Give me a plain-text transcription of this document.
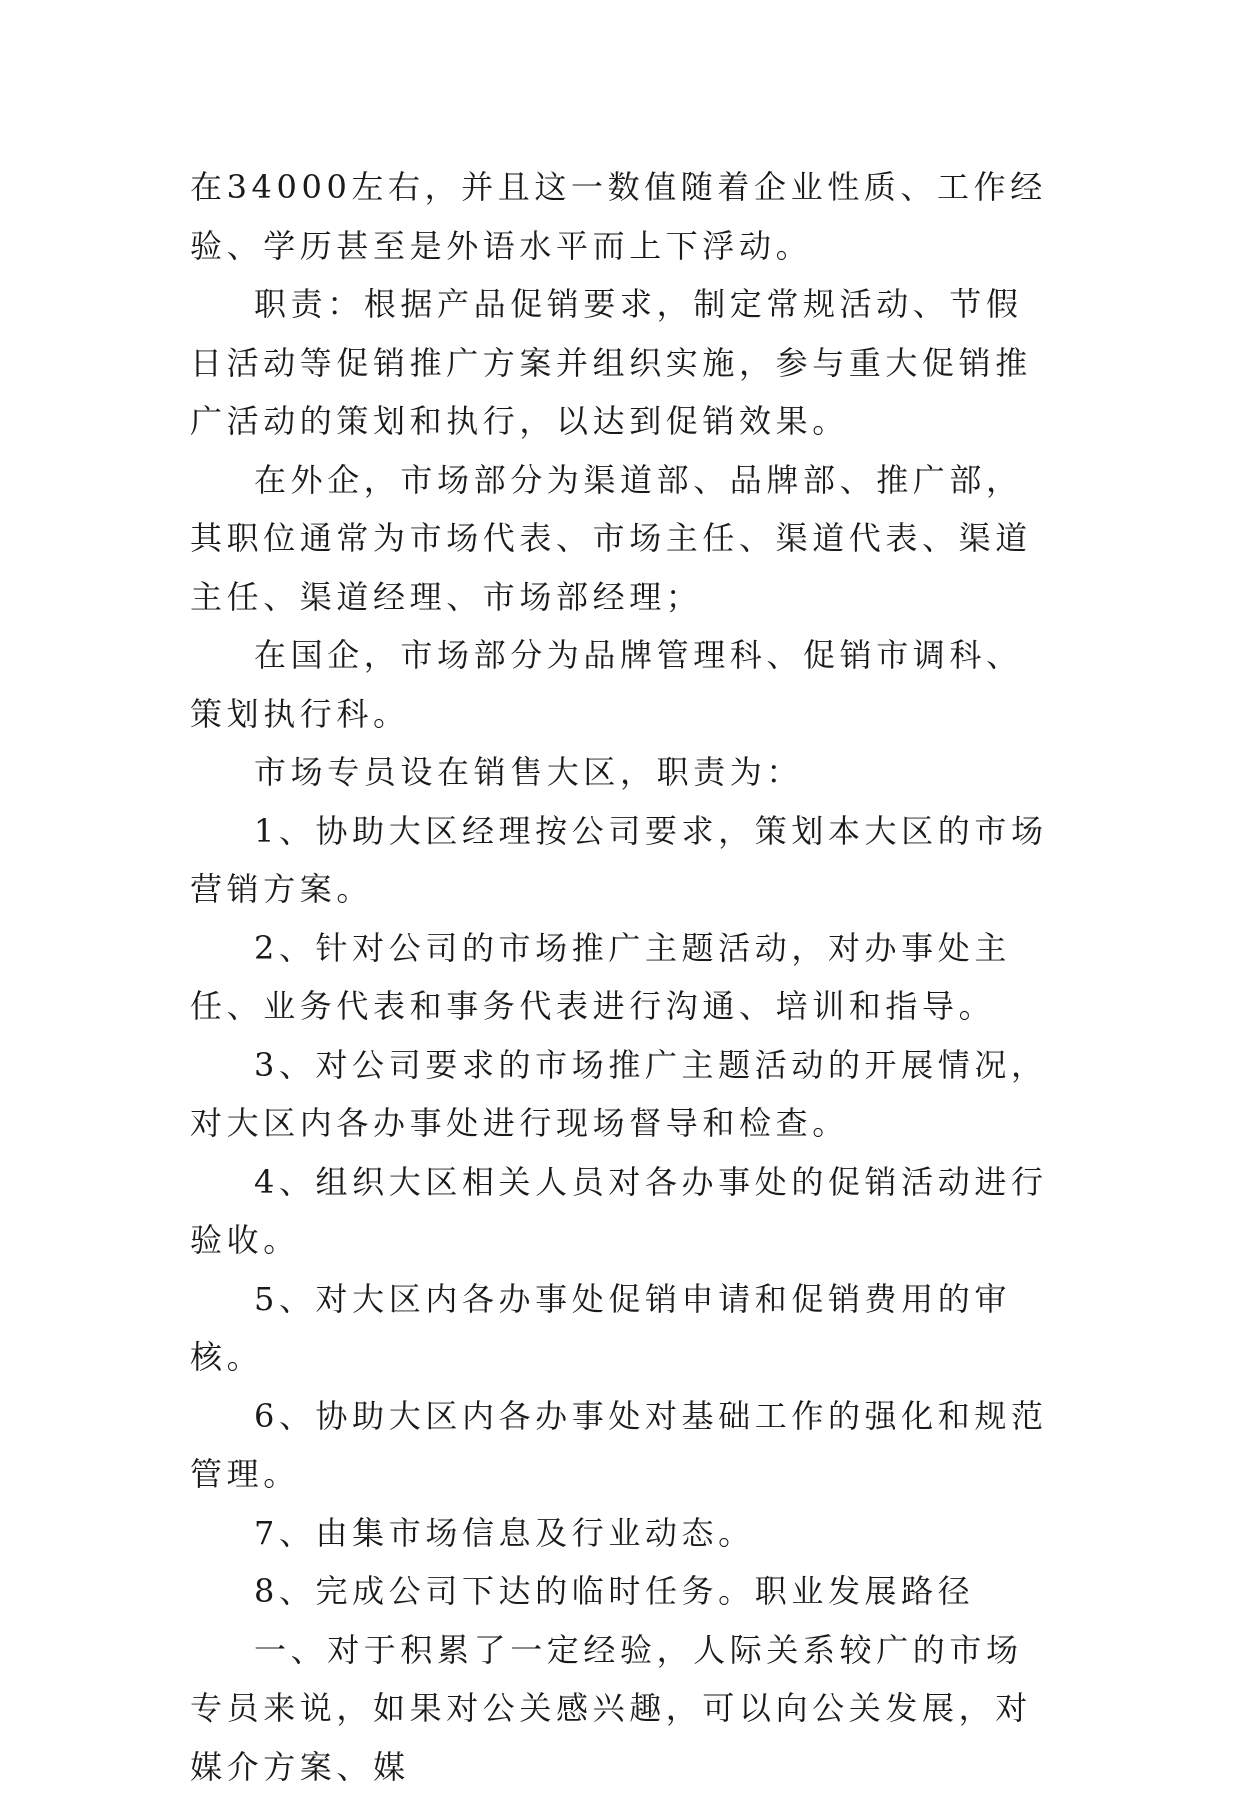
在34000左右，并且这一数值随着企业性质、工作经验、学历甚至是外语水平而上下浮动。

职责：根据产品促销要求，制定常规活动、节假日活动等促销推广方案并组织实施，参与重大促销推广活动的策划和执行，以达到促销效果。

在外企，市场部分为渠道部、品牌部、推广部，其职位通常为市场代表、市场主任、渠道代表、渠道主任、渠道经理、市场部经理；

在国企，市场部分为品牌管理科、促销市调科、策划执行科。

市场专员设在销售大区，职责为：

1、协助大区经理按公司要求，策划本大区的市场营销方案。

2、针对公司的市场推广主题活动，对办事处主任、业务代表和事务代表进行沟通、培训和指导。

3、对公司要求的市场推广主题活动的开展情况，对大区内各办事处进行现场督导和检查。

4、组织大区相关人员对各办事处的促销活动进行验收。

5、对大区内各办事处促销申请和促销费用的审核。

6、协助大区内各办事处对基础工作的强化和规范管理。

7、由集市场信息及行业动态。

8、完成公司下达的临时任务。职业发展路径

一、对于积累了一定经验，人际关系较广的市场专员来说，如果对公关感兴趣，可以向公关发展，对媒介方案、媒
